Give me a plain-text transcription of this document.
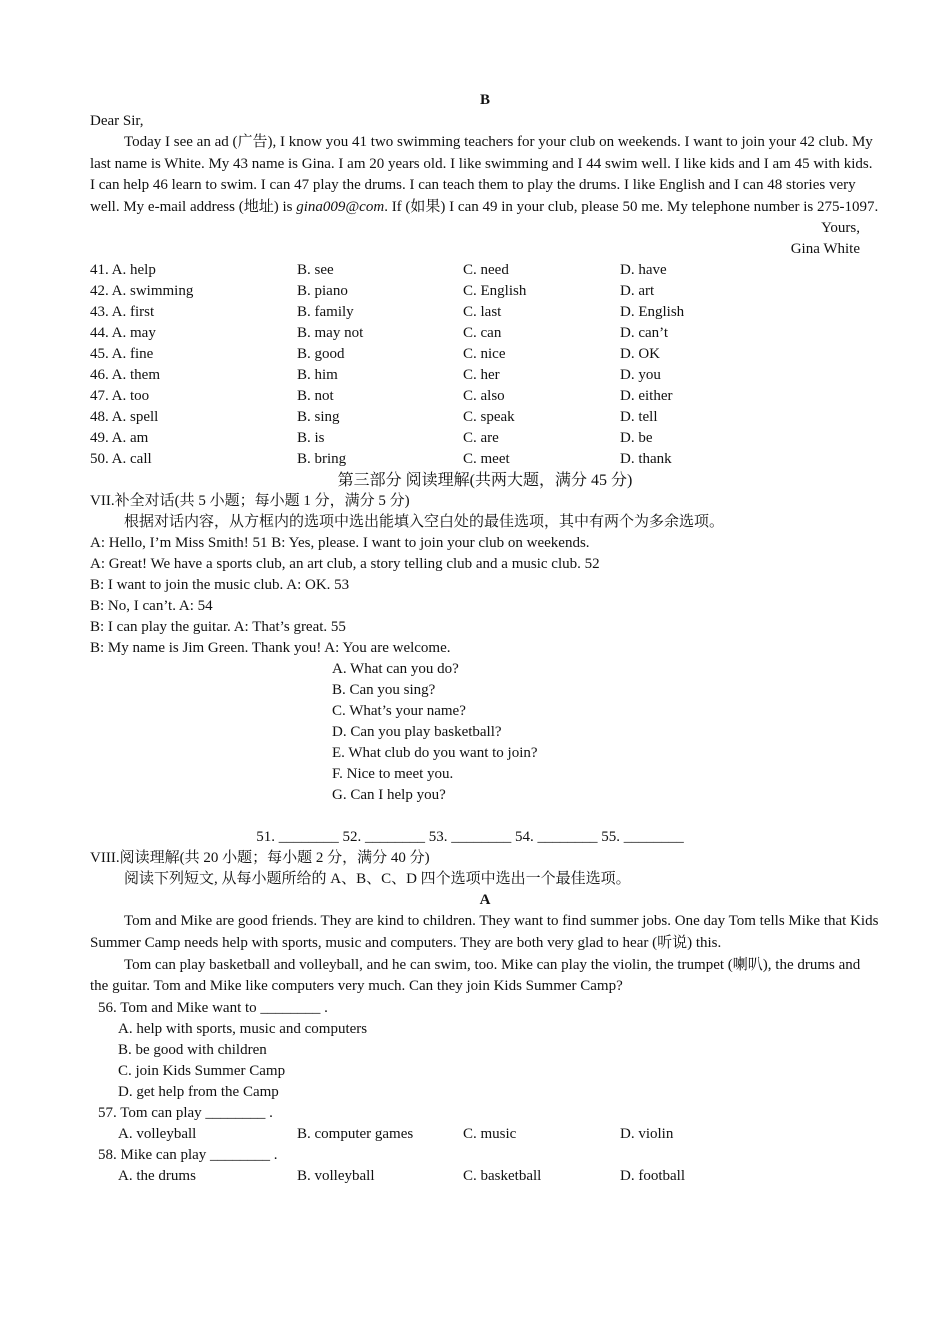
B
Dear Sir,
Today I see an ad (广告), I know you 41 two swimming teachers for your club on weekends. I want to join your 42 club. My last name is White. My 43 name is Gina. I am 20 years old. I like swimming and I 44 swim well. I like kids and I am 45 with kids. I can help 46 learn to swim. I can 47 play the drums. I can teach them to play the drums. I like English and I can 48 stories very well. My e-mail address (地址) is gina009@com. If (如果) I can 49 in your club, please 50 me. My telephone number is 275-1097.
Yours,
Gina White
41. A. help	B. see	C. need	D. have
42. A. swimming	B. piano	C. English	D. art
43. A. first	B. family	C. last	D. English
44. A. may	B. may not	C. can	D. can’t
45. A. fine	B. good	C. nice	D. OK
46. A. them	B. him	C. her	D. you
47. A. too	B. not	C. also	D. either
48. A. spell	B. sing	C. speak	D. tell
49. A. am	B. is	C. are	D. be
50. A. call	B. bring	C. meet	D. thank
第三部分 阅读理解(共两大题，满分 45 分)
VII.补全对话(共 5 小题；每小题 1 分，满分 5 分)
根据对话内容，从方框内的选项中选出能填入空白处的最佳选项，其中有两个为多余选项。
A: Hello, I’m Miss Smith! 51 B: Yes, please. I want to join your club on weekends.
A: Great! We have a sports club, an art club, a story telling club and a music club. 52
B: I want to join the music club. A: OK. 53
B: No, I can’t. A: 54
B: I can play the guitar. A: That’s great. 55
B: My name is Jim Green. Thank you! A: You are welcome.
A. What can you do?
B. Can you sing?
C. What’s your name?
D. Can you play basketball?
E. What club do you want to join?
F. Nice to meet you.
G. Can I help you?
51. ________ 52. ________ 53. ________ 54. ________ 55. ________
VIII.阅读理解(共 20 小题；每小题 2 分，满分 40 分)
阅读下列短文, 从每小题所给的 A、B、C、D 四个选项中选出一个最佳选项。
A
Tom and Mike are good friends. They are kind to children. They want to find summer jobs. One day Tom tells Mike that Kids Summer Camp needs help with sports, music and computers. They are both very glad to hear (听说) this.
Tom can play basketball and volleyball, and he can swim, too. Mike can play the violin, the trumpet (喇叭), the drums and the guitar. Tom and Mike like computers very much. Can they join Kids Summer Camp?
56. Tom and Mike want to ________ .
A. help with sports, music and computers
B. be good with children
C. join Kids Summer Camp
D. get help from the Camp
57. Tom can play ________ .
A. volleyball	B. computer games	C. music	D. violin
58. Mike can play ________ .
A. the drums	B. volleyball	C. basketball	D. football
